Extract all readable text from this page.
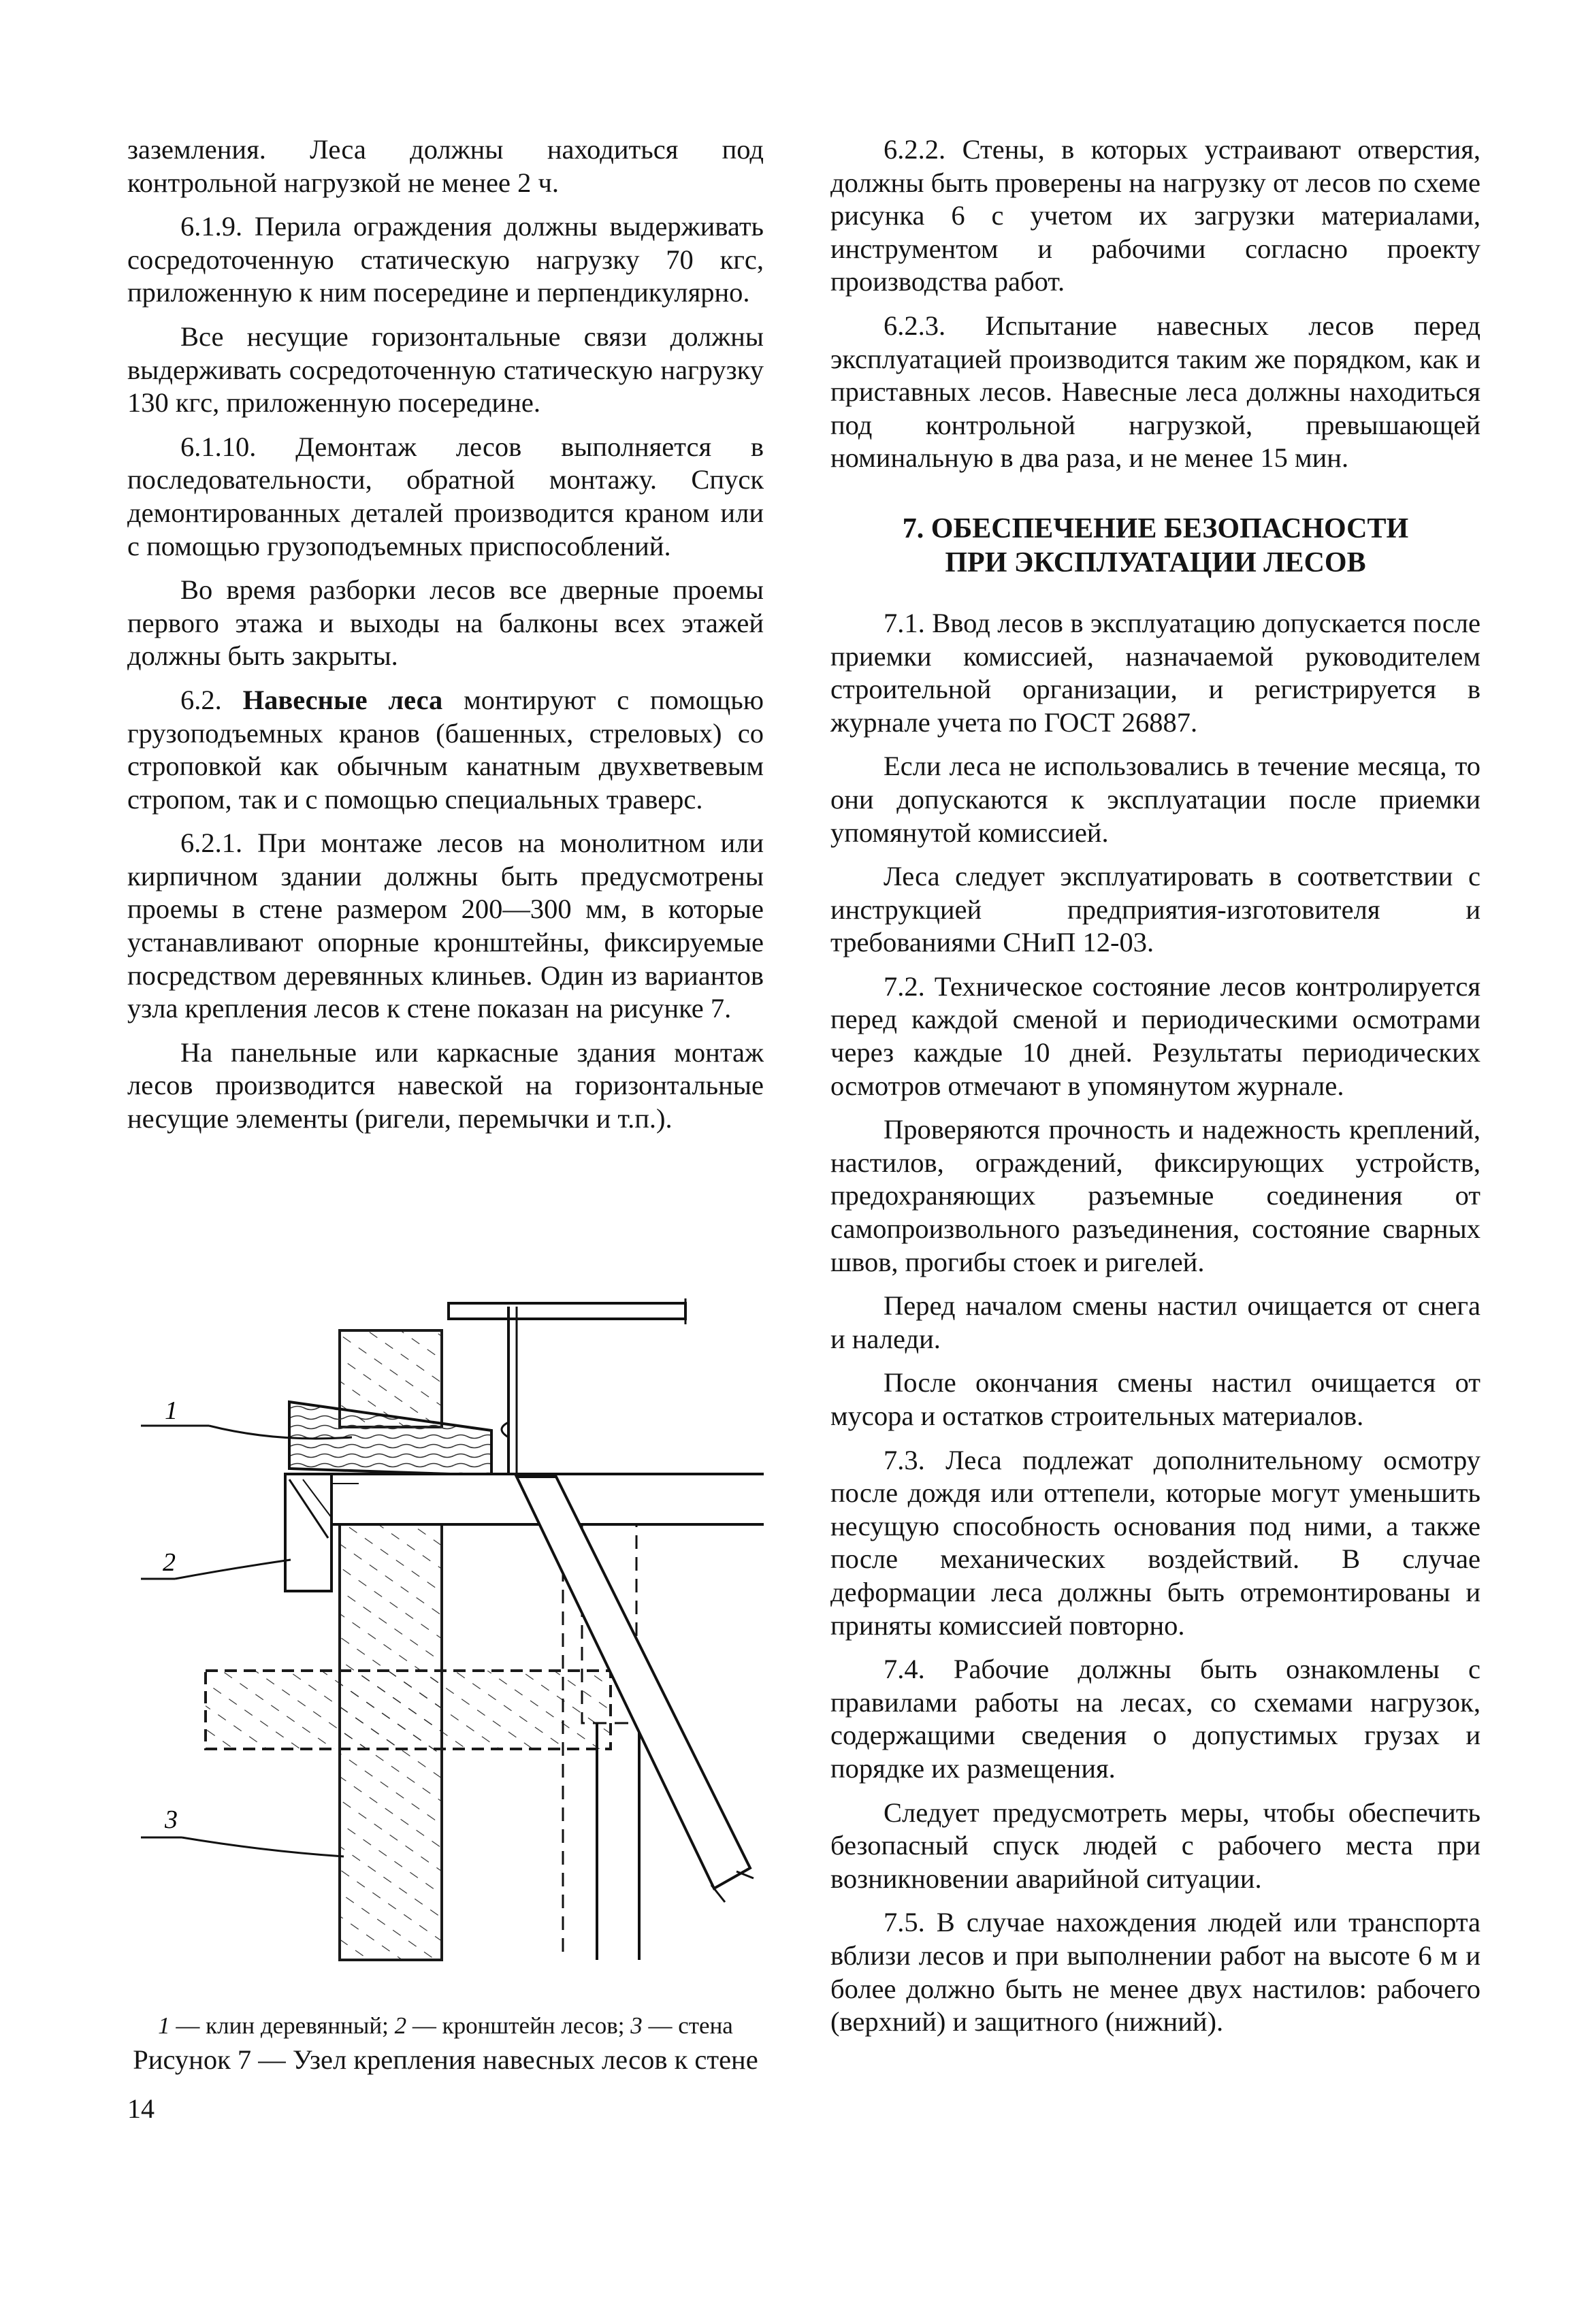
заземления. Леса должны находиться под контрольной нагрузкой не менее 2 ч.

6.1.9. Перила ограждения должны выдерживать сосредоточенную статическую нагрузку 70 кгс, приложенную к ним посередине и перпендикулярно.

Все несущие горизонтальные связи должны выдерживать сосредоточенную статическую нагрузку 130 кгс, приложенную посередине.

6.1.10. Демонтаж лесов выполняется в последовательности, обратной монтажу. Спуск демонтированных деталей производится краном или с помощью грузоподъемных приспособлений.

Во время разборки лесов все дверные проемы первого этажа и выходы на балконы всех этажей должны быть закрыты.

6.2. Навесные леса монтируют с помощью грузоподъемных кранов (башенных, стреловых) со строповкой как обычным канатным двухветвевым стропом, так и с помощью специальных траверс.

6.2.1. При монтаже лесов на монолитном или кирпичном здании должны быть предусмотрены проемы в стене размером 200—300 мм, в которые устанавливают опорные кронштейны, фиксируемые посредством деревянных клиньев. Один из вариантов узла крепления лесов к стене показан на рисунке 7.

На панельные или каркасные здания монтаж лесов производится навеской на горизонтальные несущие элементы (ригели, перемычки и т.п.).

6.2.2. Стены, в которых устраивают отверстия, должны быть проверены на нагрузку от лесов по схеме рисунка 6 с учетом их загрузки материалами, инструментом и рабочими согласно проекту производства работ.

6.2.3. Испытание навесных лесов перед эксплуатацией производится таким же порядком, как и приставных лесов. Навесные леса должны находиться под контрольной нагрузкой, превышающей номинальную в два раза, и не менее 15 мин.

7. ОБЕСПЕЧЕНИЕ БЕЗОПАСНОСТИ
ПРИ ЭКСПЛУАТАЦИИ ЛЕСОВ

7.1. Ввод лесов в эксплуатацию допускается после приемки комиссией, назначаемой руководителем строительной организации, и регистрируется в журнале учета по ГОСТ 26887.

Если леса не использовались в течение месяца, то они допускаются к эксплуатации после приемки упомянутой комиссией.

Леса следует эксплуатировать в соответствии с инструкцией предприятия-изготовителя и требованиями СНиП 12-03.

7.2. Техническое состояние лесов контролируется перед каждой сменой и периодическими осмотрами через каждые 10 дней. Результаты периодических осмотров отмечают в упомянутом журнале.

Проверяются прочность и надежность креплений, настилов, ограждений, фиксирующих устройств, предохраняющих разъемные соединения от самопроизвольного разъединения, состояние сварных швов, прогибы стоек и ригелей.

Перед началом смены настил очищается от снега и наледи.

После окончания смены настил очищается от мусора и остатков строительных материалов.

7.3. Леса подлежат дополнительному осмотру после дождя или оттепели, которые могут уменьшить несущую способность основания под ними, а также после механических воздействий. В случае деформации леса должны быть отремонтированы и приняты комиссией повторно.

7.4. Рабочие должны быть ознакомлены с правилами работы на лесах, со схемами нагрузок, содержащими сведения о допустимых грузах и порядке их размещения.

Следует предусмотреть меры, чтобы обеспечить безопасный спуск людей с рабочего места при возникновении аварийной ситуации.

7.5. В случае нахождения людей или транспорта вблизи лесов и при выполнении работ на высоте 6 м и более должно быть не менее двух настилов: рабочего (верхний) и защитного (нижний).

1
2
3
1 — клин деревянный; 2 — кронштейн лесов; 3 — стена
Рисунок 7 — Узел крепления навесных лесов к стене
14
